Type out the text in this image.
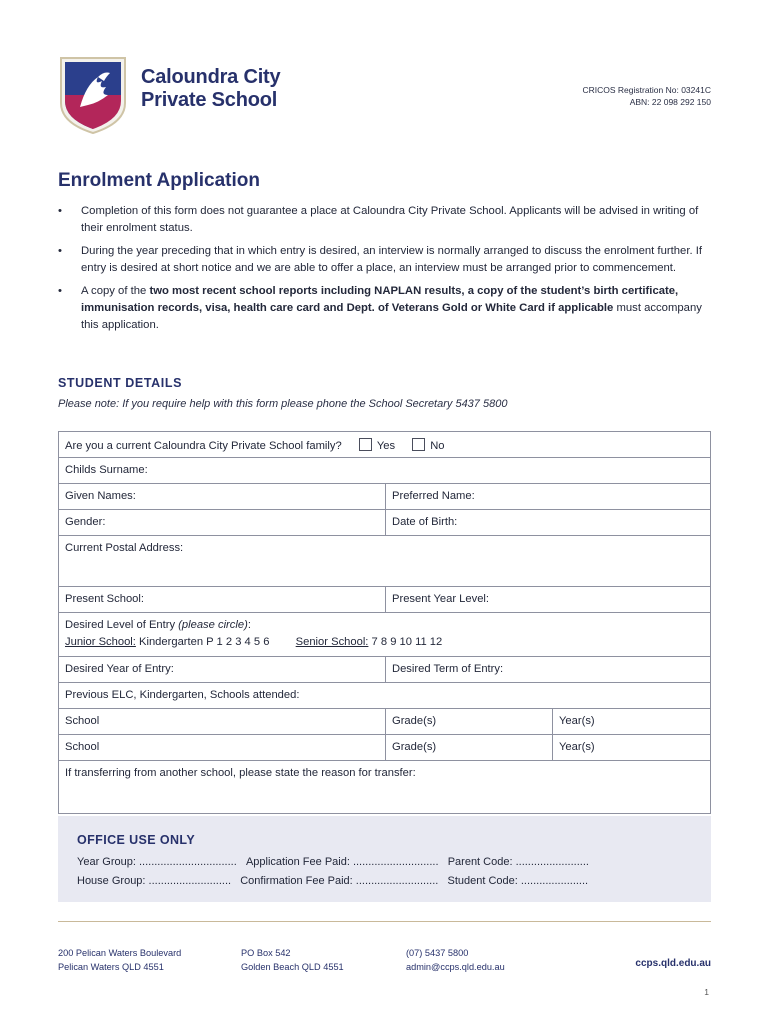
Caloundra City
Private School	CRICOS Registration No: 03241C
ABN: 22 098 292 150
Enrolment Application
• Completion of this form does not guarantee a place at Caloundra City Private School. Applicants will be advised in writing of their enrolment status.
• During the year preceding that in which entry is desired, an interview is normally arranged to discuss the enrolment further. If entry is desired at short notice and we are able to offer a place, an interview must be arranged prior to commencement.
• A copy of the two most recent school reports including NAPLAN results, a copy of the student’s birth certificate, immunisation records, visa, health care card and Dept. of Veterans Gold or White Card if applicable must accompany this application.
STUDENT DETAILS
Please note: If you require help with this form please phone the School Secretary 5437 5800
Are you a current Caloundra City Private School family?	Yes	No
Childs Surname:
Given Names:	Preferred Name:
Gender:	Date of Birth:
Current Postal Address:
Present School:	Present Year Level:
Desired Level of Entry (please circle):
Junior School: Kindergarten P 1 2 3 4 5 6 Senior School: 7 8 9 10 11 12
Desired Year of Entry:	Desired Term of Entry:
Previous ELC, Kindergarten, Schools attended:
School	Grade(s)	Year(s)
School	Grade(s)	Year(s)
If transferring from another school, please state the reason for transfer:
OFFICE USE ONLY
Year Group: ................................ Application Fee Paid: ............................ Parent Code: ........................
House Group: ........................... Confirmation Fee Paid: ........................... Student Code: ......................
200 Pelican Waters Boulevard
Pelican Waters QLD 4551
PO Box 542
Golden Beach QLD 4551
(07) 5437 5800
admin@ccps.qld.edu.au	ccps.qld.edu.au
1
